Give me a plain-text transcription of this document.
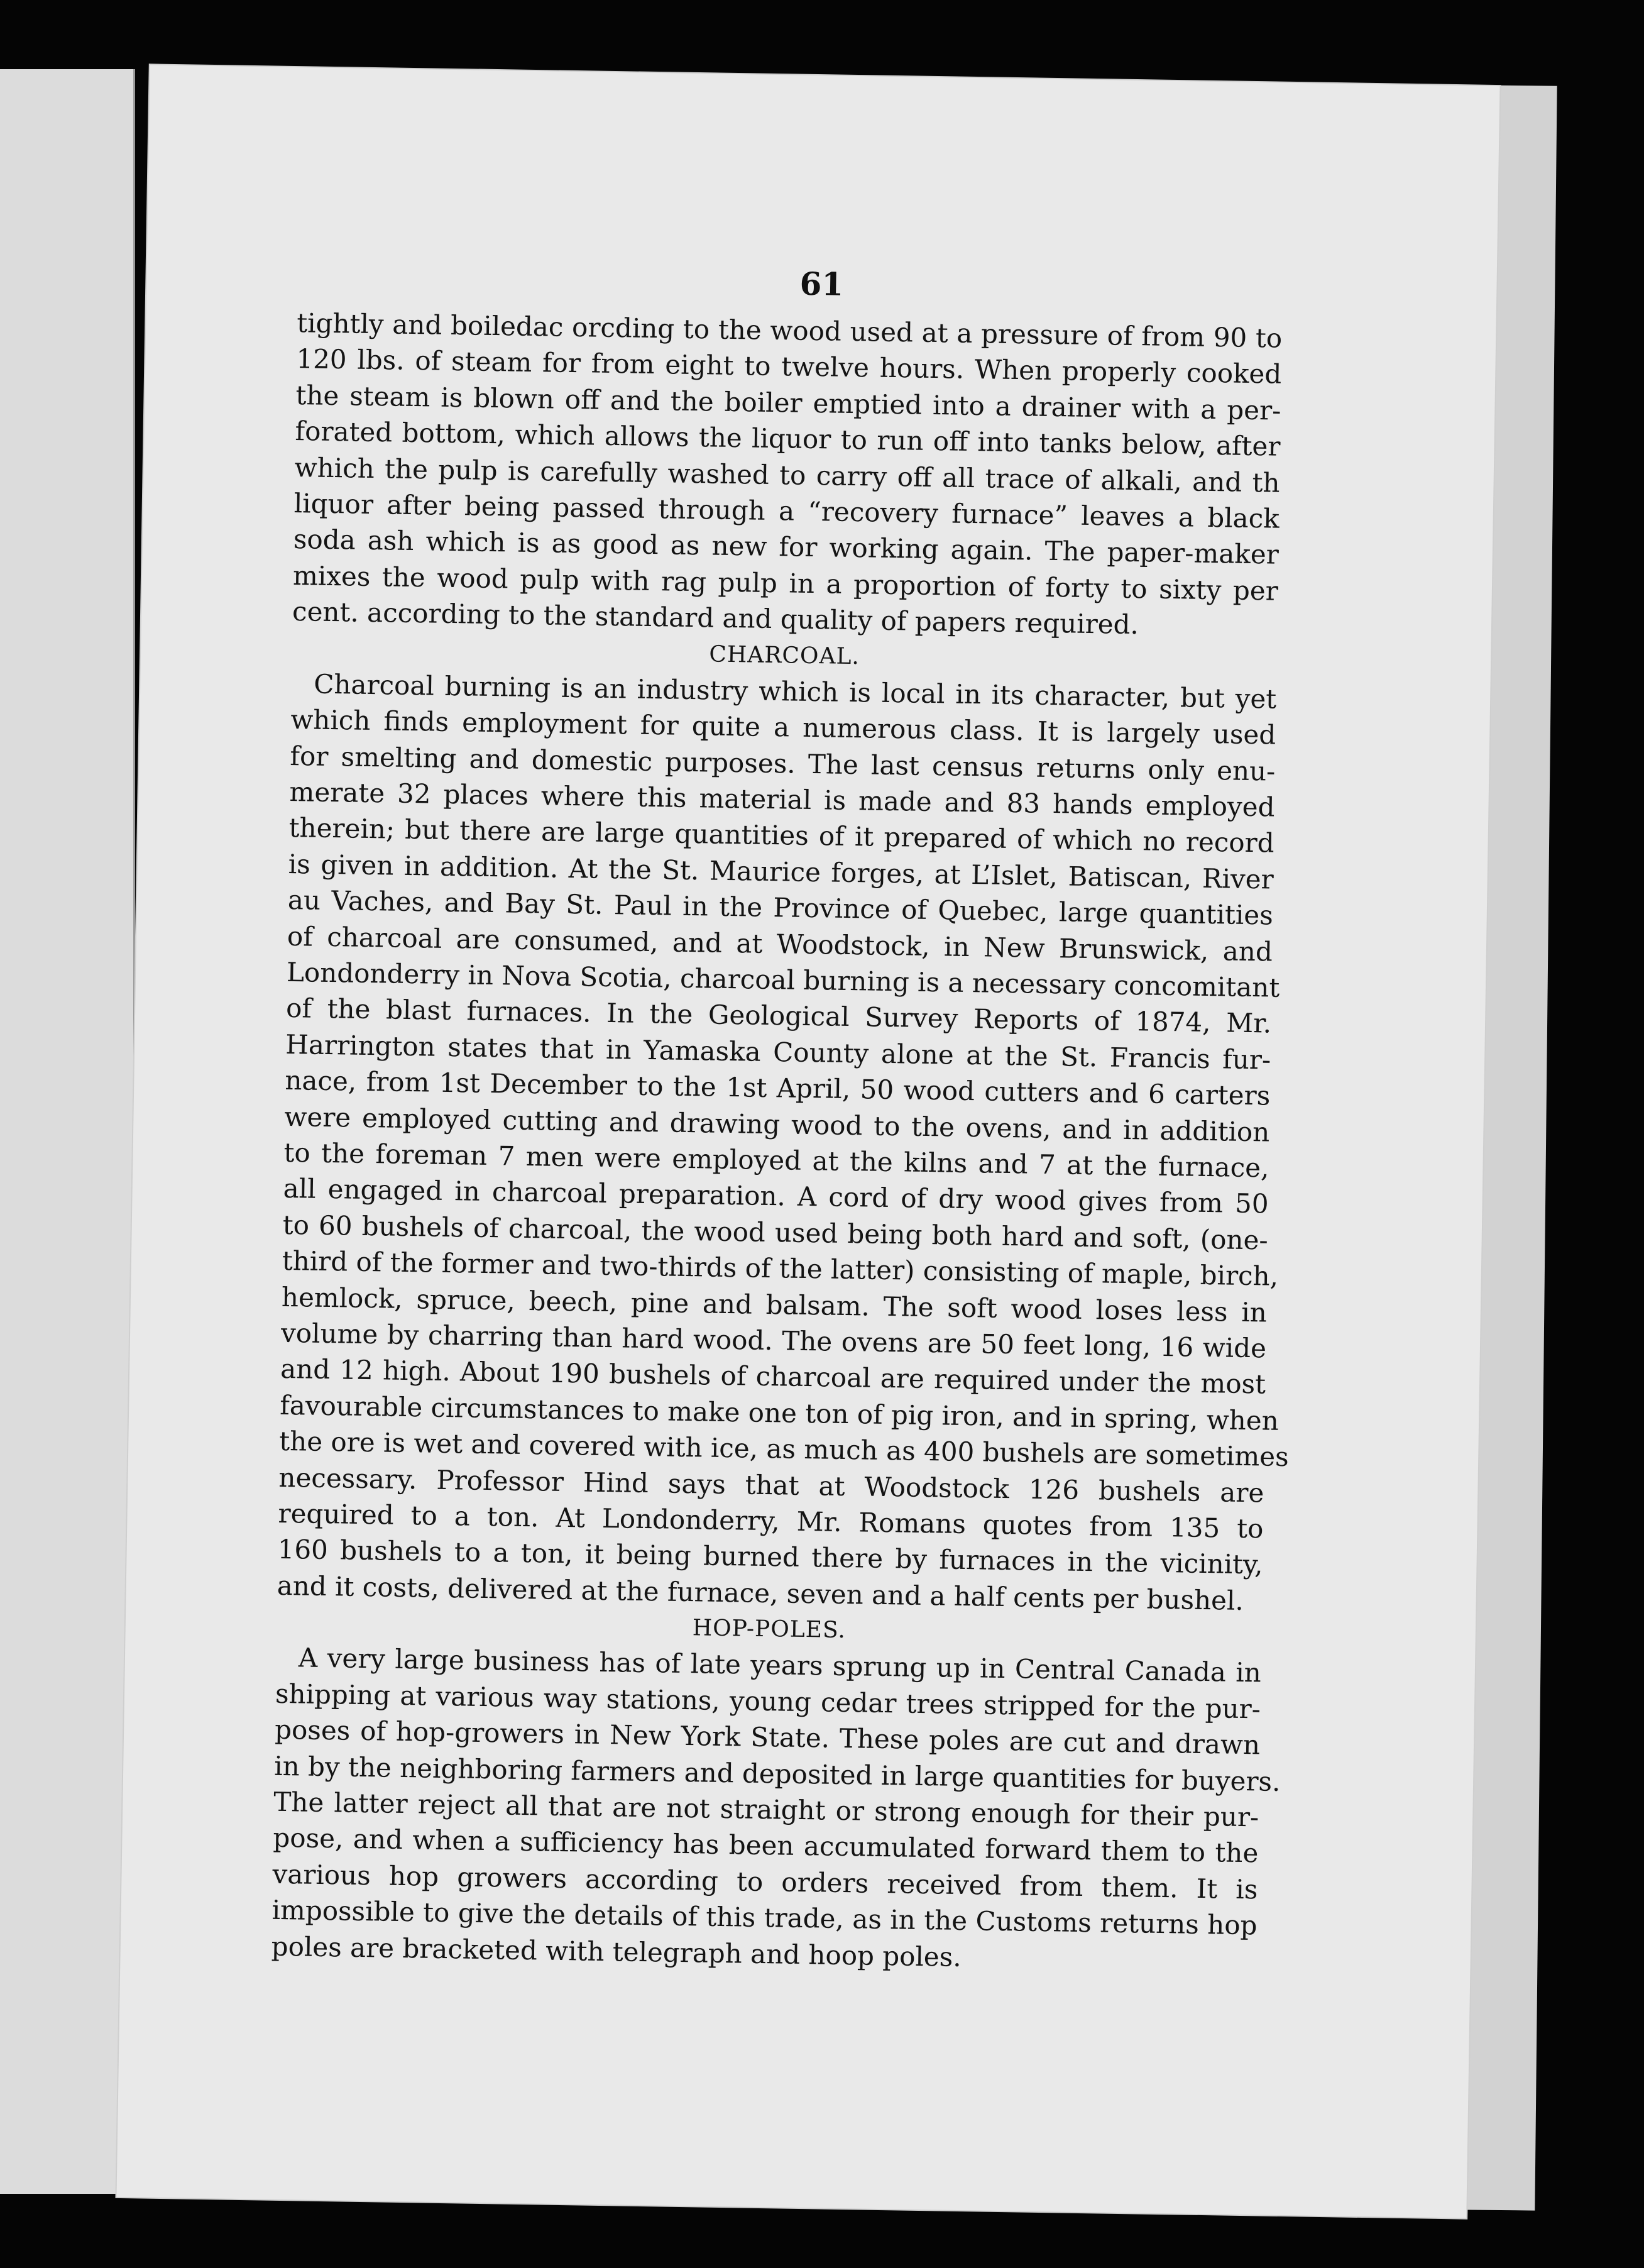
61
tightly and boiledac orcding to the wood used at a pressure of from 90 to
120 lbs. of steam for from eight to twelve hours. When properly cooked
the steam is blown off and the boiler emptied into a drainer with a per-
forated bottom, which allows the liquor to run off into tanks below, after
which the pulp is carefully washed to carry off all trace of alkali, and th
liquor after being passed through a “recovery furnace” leaves a black
soda ash which is as good as new for working again. The paper-maker
mixes the wood pulp with rag pulp in a proportion of forty to sixty per
cent. according to the standard and quality of papers required.
CHARCOAL.
Charcoal burning is an industry which is local in its character, but yet
which finds employment for quite a numerous class. It is largely used
for smelting and domestic purposes. The last census returns only enu-
merate 32 places where this material is made and 83 hands employed
therein; but there are large quantities of it prepared of which no record
is given in addition. At the St. Maurice forges, at L’Islet, Batiscan, River
au Vaches, and Bay St. Paul in the Province of Quebec, large quantities
of charcoal are consumed, and at Woodstock, in New Brunswick, and
Londonderry in Nova Scotia, charcoal burning is a necessary concomitant
of the blast furnaces. In the Geological Survey Reports of 1874, Mr.
Harrington states that in Yamaska County alone at the St. Francis fur-
nace, from 1st December to the 1st April, 50 wood cutters and 6 carters
were employed cutting and drawing wood to the ovens, and in addition
to the foreman 7 men were employed at the kilns and 7 at the furnace,
all engaged in charcoal preparation. A cord of dry wood gives from 50
to 60 bushels of charcoal, the wood used being both hard and soft, (one-
third of the former and two-thirds of the latter) consisting of maple, birch,
hemlock, spruce, beech, pine and balsam. The soft wood loses less in
volume by charring than hard wood. The ovens are 50 feet long, 16 wide
and 12 high. About 190 bushels of charcoal are required under the most
favourable circumstances to make one ton of pig iron, and in spring, when
the ore is wet and covered with ice, as much as 400 bushels are sometimes
necessary. Professor Hind says that at Woodstock 126 bushels are
required to a ton. At Londonderry, Mr. Romans quotes from 135 to
160 bushels to a ton, it being burned there by furnaces in the vicinity,
and it costs, delivered at the furnace, seven and a half cents per bushel.
HOP-POLES.
A very large business has of late years sprung up in Central Canada in
shipping at various way stations, young cedar trees stripped for the pur-
poses of hop-growers in New York State. These poles are cut and drawn
in by the neighboring farmers and deposited in large quantities for buyers.
The latter reject all that are not straight or strong enough for their pur-
pose, and when a sufficiency has been accumulated forward them to the
various hop growers according to orders received from them. It is
impossible to give the details of this trade, as in the Customs returns hop
poles are bracketed with telegraph and hoop poles.
